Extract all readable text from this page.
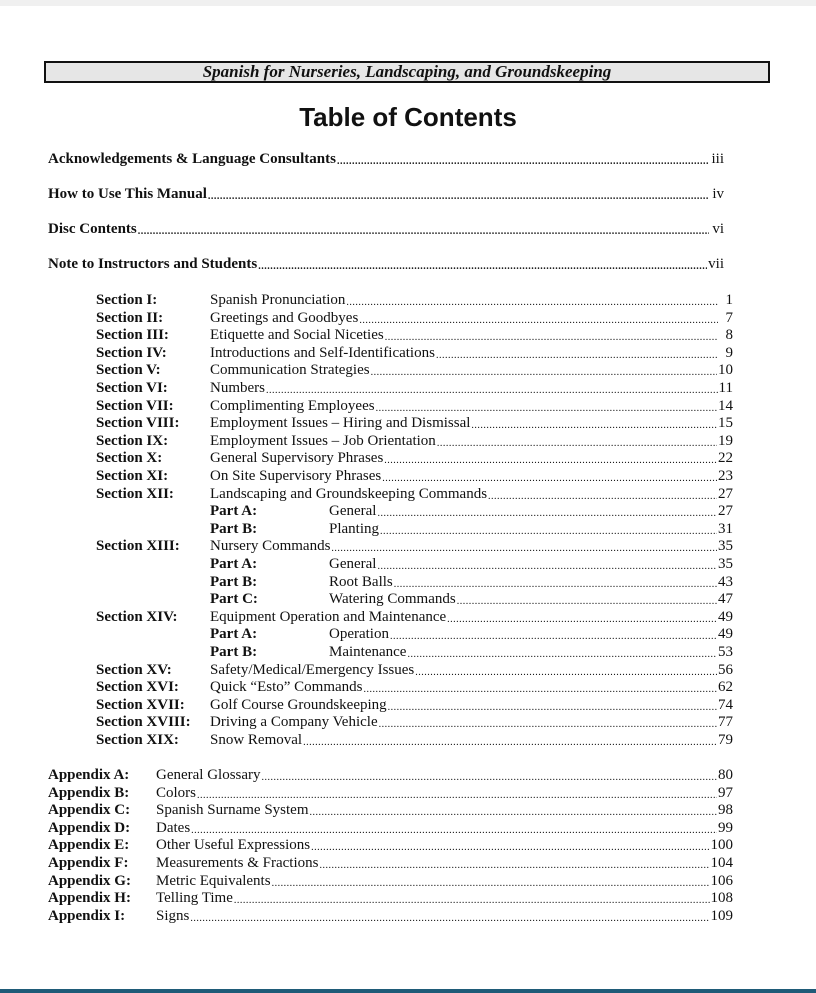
Spanish for Nurseries, Landscaping, and Groundskeeping
Table of Contents
Acknowledgements & Language Consultants .....	iii
How to Use This Manual .....	iv
Disc Contents .....	vi
Note to Instructors and Students .....	vii
Section I:	Spanish Pronunciation .....	1
Section II:	Greetings and Goodbyes .....	7
Section III:	Etiquette and Social Niceties .....	8
Section IV:	Introductions and Self-Identifications .....	9
Section V:	Communication Strategies .....	10
Section VI:	Numbers .....	11
Section VII:	Complimenting Employees .....	14
Section VIII:	Employment Issues – Hiring and Dismissal .....	15
Section IX:	Employment Issues – Job Orientation .....	19
Section X:	General Supervisory Phrases .....	22
Section XI:	On Site Supervisory Phrases .....	23
Section XII:	Landscaping and Groundskeeping Commands .....	27
Part A:	General .....	27
Part B:	Planting .....	31
Section XIII:	Nursery Commands .....	35
Part A:	General .....	35
Part B:	Root Balls .....	43
Part C:	Watering Commands .....	47
Section XIV:	Equipment Operation and Maintenance .....	49
Part A:	Operation .....	49
Part B:	Maintenance .....	53
Section XV:	Safety/Medical/Emergency Issues .....	56
Section XVI:	Quick “Esto” Commands .....	62
Section XVII:	Golf Course Groundskeeping .....	74
Section XVIII:	Driving a Company Vehicle .....	77
Section XIX:	Snow Removal .....	79
Appendix A:	General Glossary .....	80
Appendix B:	Colors .....	97
Appendix C:	Spanish Surname System .....	98
Appendix D:	Dates .....	99
Appendix E:	Other Useful Expressions .....	100
Appendix F:	Measurements & Fractions .....	104
Appendix G:	Metric Equivalents .....	106
Appendix H:	Telling Time .....	108
Appendix I:	Signs .....	109
